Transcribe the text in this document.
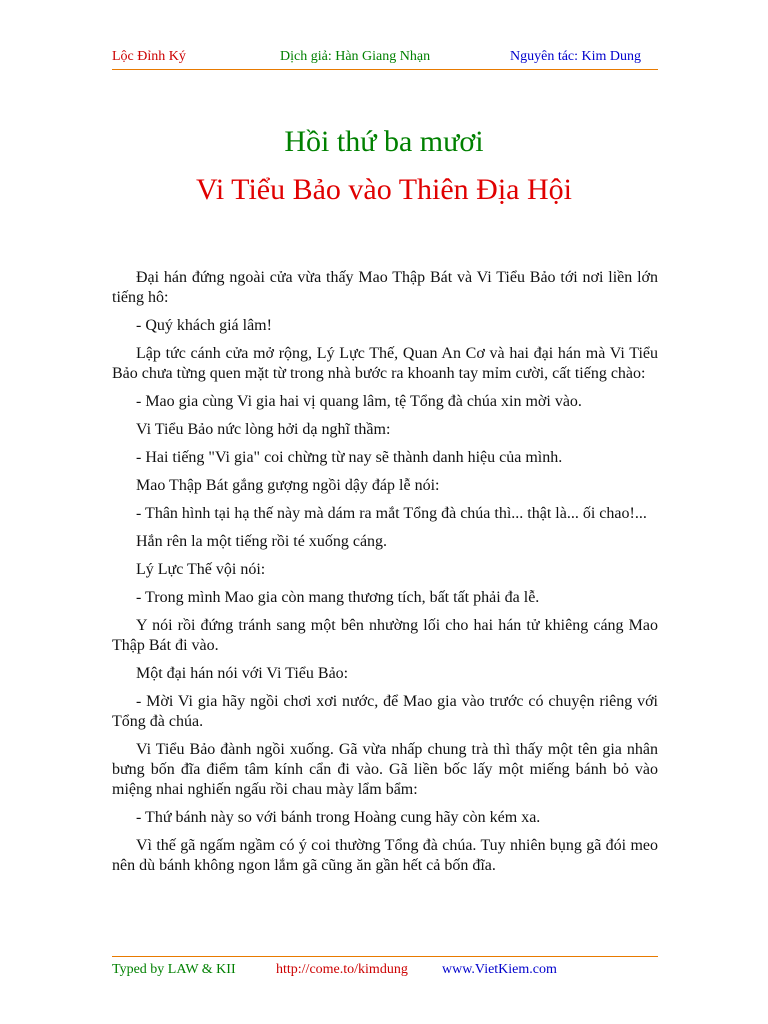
Lộc Đỉnh Ký	Dịch giả: Hàn Giang Nhạn	Nguyên tác: Kim Dung
Hồi thứ ba mươi
Vi Tiểu Bảo vào Thiên Địa Hội

Đại hán đứng ngoài cửa vừa thấy Mao Thập Bát và Vi Tiểu Bảo tới nơi liền lớn tiếng hô:

- Quý khách giá lâm!

Lập tức cánh cửa mở rộng, Lý Lực Thế, Quan An Cơ và hai đại hán mà Vi Tiểu Bảo chưa từng quen mặt từ trong nhà bước ra khoanh tay mỉm cười, cất tiếng chào:

- Mao gia cùng Vi gia hai vị quang lâm, tệ Tổng đà chúa xin mời vào.

Vi Tiểu Bảo nức lòng hởi dạ nghĩ thầm:

- Hai tiếng "Vi gia" coi chừng từ nay sẽ thành danh hiệu của mình.

Mao Thập Bát gắng gượng ngồi dậy đáp lễ nói:

- Thân hình tại hạ thế này mà dám ra mắt Tổng đà chúa thì... thật là... ối chao!...

Hắn rên la một tiếng rồi té xuống cáng.

Lý Lực Thế vội nói:

- Trong mình Mao gia còn mang thương tích, bất tất phải đa lễ.

Y nói rồi đứng tránh sang một bên nhường lối cho hai hán tử khiêng cáng Mao Thập Bát đi vào.

Một đại hán nói với Vi Tiểu Bảo:

- Mời Vi gia hãy ngồi chơi xơi nước, để Mao gia vào trước có chuyện riêng với Tổng đà chúa.

Vi Tiểu Bảo đành ngồi xuống. Gã vừa nhấp chung trà thì thấy một tên gia nhân bưng bốn đĩa điểm tâm kính cẩn đi vào. Gã liền bốc lấy một miếng bánh bỏ vào miệng nhai nghiến ngấu rồi chau mày lẩm bẩm:

- Thứ bánh này so với bánh trong Hoàng cung hãy còn kém xa.

Vì thế gã ngấm ngầm có ý coi thường Tổng đà chúa. Tuy nhiên bụng gã đói meo nên dù bánh không ngon lắm gã cũng ăn gần hết cả bốn đĩa.

Typed by LAW & KII	http://come.to/kimdung www.VietKiem.com
